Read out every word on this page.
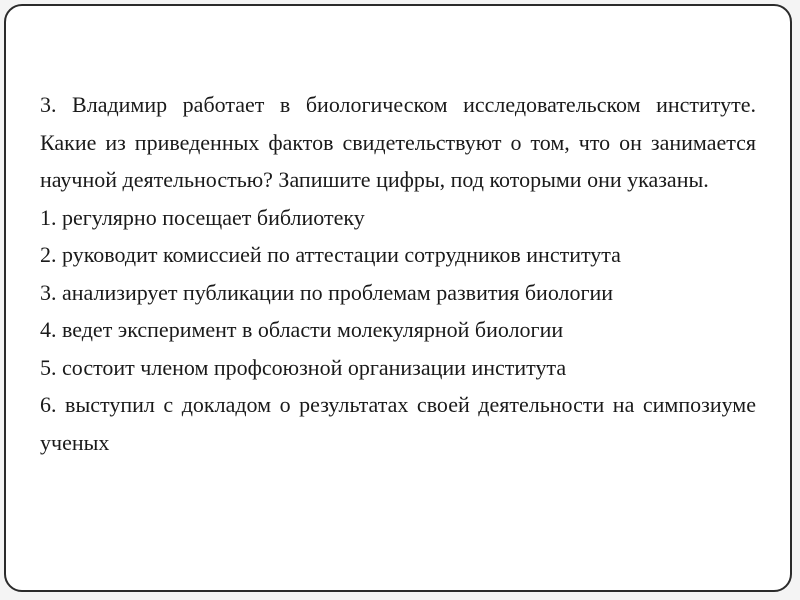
3. Владимир работает в биологическом исследовательском институте. Какие из приведенных фактов свидетельствуют о том, что он занимается научной деятельностью? Запишите цифры, под которыми они указаны.

1. регулярно посещает библиотеку

2. руководит комиссией по аттестации сотрудников института

3. анализирует публикации по проблемам развития биологии

4. ведет эксперимент в области молекулярной биологии

5. состоит членом профсоюзной организации института

6. выступил с докладом о результатах своей деятельности на симпозиуме ученых
